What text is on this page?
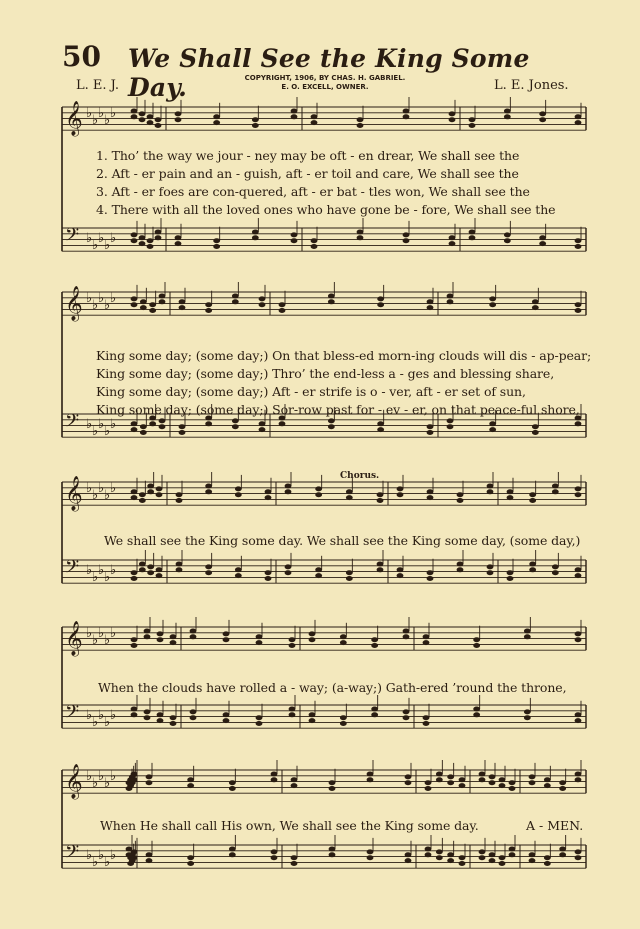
50 We Shall See the King Some Day.
L. E. J.	COPYRIGHT, 1906, BY CHAS. H. GABRIEL.
E. O. EXCELL, OWNER.	L. E. Jones.
𝄞 ♭ ♭ ♭ ♭ ♭
𝄢 ♭ ♭ ♭ ♭ ♭
𝄞 ♭ ♭ ♭ ♭ ♭
𝄢 ♭ ♭ ♭ ♭ ♭
𝄞 ♭ ♭ ♭ ♭ ♭
𝄢 ♭ ♭ ♭ ♭ ♭
𝄞 ♭ ♭ ♭ ♭ ♭
𝄢 ♭ ♭ ♭ ♭ ♭
𝄞 ♭ ♭ ♭ ♭ ♭
𝄢 ♭ ♭ ♭ ♭ ♭
1. Tho’ the way we jour - ney may be oft - en drear, We shall see the
2. Aft - er pain and an - guish, aft - er toil and care, We shall see the
3. Aft - er foes are con-quered, aft - er bat - tles won, We shall see the
4. There with all the loved ones who have gone be - fore, We shall see the
King some day; (some day;) On that bless-ed morn-ing clouds will dis - ap-pear;
King some day; (some day;) Thro’ the end-less a - ges and blessing share,
King some day; (some day;) Aft - er strife is o - ver, aft - er set of sun,
King some day; (some day;) Sor-row past for - ev - er, on that peace-ful shore,
Chorus.
We shall see the King some day. We shall see the King some day, (some day,)
When the clouds have rolled a - way; (a-way;) Gath-ered ’round the throne,
When He shall call His own, We shall see the King some day.	A - MEN.
